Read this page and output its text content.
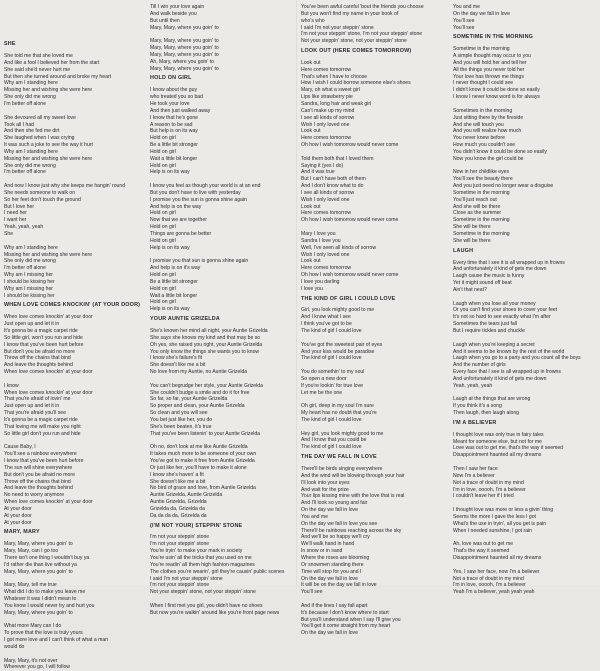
SHE
She told me that she loved me
And like a fool I believed her from the start
She said she'd never hurt me
But then she turned around and broke my heart
Why am I standing here
Missing her and wishing she were here
She only did me wrong
I'm better off alone
She devoured all my sweet love
Took all I had
And then she fed me dirt
She laughed when I was crying
It was such a joke to see the way it hurt
Why am I standing here
Missing her and wishing she were here
She only did me wrong
I'm better off alone
And now I know just why she keeps me hangin' round
She needs someone to walk on
So her feet don't touch the ground
But I love her
I need her
I want her
Yeah, yeah, yeah
She
Why am I standing here
Missing her and wishing she were here
She only did me wrong
I'm better off alone
Why am I missing her
I should be kissing her
Why am I missing her
I should be kissing her
WHEN LOVE COMES KNOCKIN' (AT YOUR DOOR)
When love comes knockin' at your door
Just open up and let it in
It's gonna be a magic carpet ride
So little girl, won't you run and hide
I know that you've been hurt before
But don't you be afraid no more
Throw off the chains that bind
And leave the thoughts behind
When love comes knockin' at your door
I know
When love comes knockin' at your door
That you're afraid of lovin' me
Just open up and let it in
That you're afraid you'll see
It's gonna be a magic carpet ride
That loving me will make you right
So little girl don't you run and hide
Cause Baby, I
You'll see a rainbow everywhere
I know that you've been hurt before
The sun will shine everywhere
But don't you be afraid no more
Throw off the chains that bind
And leave the thoughts behind
No need to worry anymore
When love comes knockin' at your door
At your door
At your door
At your door
MARY, MARY
Mary, Mary, where you goin' to
Mary, Mary, can I go too
There isn't one thing I wouldn't buy ya
I'd rather die than live without ya
Mary, Mary, where you goin' to
Mary, Mary, tell me true
What did I do to make you leave me
Whatever it was I didn't mean to
You know I would never try and hurt you
Mary, Mary, where you goin' to
What more Mary can I do
To prove that the love is truly yours
I got more love and I can't think of what a man
would do
Mary, Mary, it's not over
Wherever you go, I will follow
Till I win your love again
And walk beside you
But until then
Mary, Mary, where you goin' to
Mary, Mary, where you goin' to
Mary, Mary, where you goin' to
Mary, Mary, where you goin' to
Ah, Mary, where you goin' to
Mary, Mary, where you goin' to
HOLD ON GIRL
I know about the guy
who treated you so bad
He took your love
And then just walked away
I know that he's gone
A reason to be sad
But help is on its way
Hold on girl
Be a little bit stronger
Hold on girl
Wait a little bit longer
Hold on girl
Help is on its way
I know you feel as though your world is at an end
But you don't have to live with yesterday
I promise you the sun is gonna shine again
And help is on the way
Hold on girl
Now that we are together
Hold on girl
Things are gonna be better
Hold on girl
Help is on its way
I promise you that sun is gonna shine again
And help is on it's way
Hold on girl
Be a little bit stronger
Hold on girl
Wait a little bit longer
Hold on girl
Help is on its way
YOUR AUNTIE GRIZELDA
She's known her mind all night, your Auntie Grizelda
She says she knows my kind and that may be so
Oh yes, she raised you right, your Auntie Grizelda
You only know the things she wants you to know
I know she's failure's fit
She doesn't like me a bit
No love from my Auntie, no Auntie Grizelda
You can't begrudge her style, your Auntie Grizelda
She couldn't budge a smile and do it for free
So far, so far, your Auntie Grizelda
So proper and clean, your Auntie Grizelda
So clean and you will see
You bet just like her, you do
She's been beaten, it's true
That you've been listenin' to your Auntie Grizelda
Oh no, don't look at me like Auntie Grizelda
It takes much more to be someone of your own
You've got to make it free from Auntie Grizelda
Or just like her, you'll have to make it alone
I know she's haven' a fit
She doesn't like me a bit
No bird of grace and love, from Auntie Grizelda
Auntie Grizelda, Auntie Grizelda
Auntie Grizelda, Grizelda
Grizelda da, Grizelda da
Da da da da, Grizelda da
(I'M NOT YOUR) STEPPIN' STONE
I'm not your steppin' stone
I'm not your steppin' stone
You're tryin' to make your mark in society
You're usin' all the tricks that you used on me
You're readin' all them high fashion magazines
The clothes you're wearin', girl they're causin' public scenes
I said I'm not your steppin' stone
I'm not your steppin' stone
Not your steppin' stone, not your steppin' stone
When I first met you girl, you didn't have no shoes
But now you're walkin' around like you're front page news
You've been awful careful 'bout the friends you choose
But you won't find my name in your book of
who's who
I said I'm not your steppin' stone
I'm not your steppin' stone, I'm not your steppin' stone
Not your steppin' stone, not your steppin' stone
LOOK OUT (HERE COMES TOMORROW)
Look out
Here comes tomorrow
That's when I have to choose
How I wish I could borrow someone else's shoes
Mary, oh what a sweet girl
Lips like strawberry pie
Sandra, long hair and weak girl
Can't make up my mind
I see all kinds of sorrow
Wish I only loved one
Look out
Here comes tomorrow
Oh how I wish tomorrow would never come
Told them both that I loved them
Saying it (yes I do)
And it was true
But I can't have both of them
And I don't know what to do
I see all kinds of sorrow
Wish I only loved one
Look out
Here comes tomorrow
Oh how I wish tomorrow would never come
Mary I love you
Sandra I love you
Well, I've seen all kinds of sorrow
Wish I only loved one
Look out
Here comes tomorrow
Oh how I wish tomorrow would never come
I love you darling
I love you
THE KIND OF GIRL I COULD LOVE
Girl, you look mighty good to me
And I know what I see
I think you've got to be
The kind of girl I could love
You've got the sweetest pair of eyes
And your kiss would be paradise
The kind of girl I could love
You do somethin' to my soul
So open a new door
If you're lookin' for true love
Let me be the one
Oh girl, deep in my soul I'm sure
My heart has no doubt that you're
The kind of girl I could love
Hey girl, you look mighty good to me
And I know that you could be
The kind of girl I could love
THE DAY WE FALL IN LOVE
There'll be birds singing everywhere
And the wind will be blowing through your hair
I'll look into your eyes
And wait for the prize
Your lips kissing mine with the love that is real
And I'll look so young and fair
On the day we fall in love
You and me
On the day we fall in love you see
There'll be rainbows reaching across the sky
And we'll be so happy we'll cry
We'll walk hand in hand
In snow or in sand
Where the roses are blooming
Or snowmen standing there
Time will stop for you and I
On the day we fall in love
It will be on the day we fall in love
You'll see
And if the lines I say fall apart
It's because I don't know where to start
But you'll understand when I say I'll give you
You'll get it come straight from my heart
On the day we fall in love
You and me
On the day we fall in love
You'll see
You'll see
SOMETIME IN THE MORNING
Sometime in the morning
A simple thought may occur to you
And you will hold her and tell her
All the things you never told her
Your love has thrown me things
I never thought I could see
I didn't know it could be done so easily
I know I never know word is for always
Sometimes in the morning
Just sitting there by the fireside
And she will touch you
And you will realize how much
You never knew before
How much you couldn't see
You didn't know it could be done so easily
Now you know the girl could be
Now in her childlike eyes
You'll see the beauty there
And you just need no longer wear a disguise
Sometime in the morning
You'll just reach out
And she will be there
Close as the summer
Sometime in the morning
She will be there
Sometime in the morning
She will be there
LAUGH
Every time that I see it is all wrapped up in frowns
And unfortunately it kind of gets me down
Laugh cause the music is funny
Yet it might sound off beat
Ain't that neat?
Laugh when you lose all your money
Or you can't find your shoes to cover your feet
It's not so hard to see exactly what I'm after
Sometimes the tears just fall
But I require tickles and chuckle
Laugh when you're keeping a secret
And it seems to be known by the rest of the world
Laugh when you go to a party and you count all the boys
And the number of girls
Every face that I see is all wrapped up in frowns
And unfortunately it kind of gets me down
Yeah, yeah, yeah
Laugh at the things that are wrong
If you think it's a song
Then laugh, then laugh along
I'M A BELIEVER
I thought love was only true in fairy tales
Meant for someone else, but not for me
Love was out to get me, that's the way it seemed
Disappointment haunted all my dreams
Then I saw her face
Now I'm a believer
Not a trace of doubt in my mind
I'm in love, ooooh, I'm a believer
I couldn't leave her if I tried
I thought love was more or less a givin' thing
Seems the more I gave the less I got
What's the use in tryin', all you get is pain
When I needed sunshine, I got rain
Ah, love was out to get me
That's the way it seemed
Disappointment haunted all my dreams
Yes, I saw her face, now I'm a believer
Not a trace of doubt in my mind
I'm in love, ooooh, I'm a believer
Yeah I'm a believer, yeah yeah yeah
